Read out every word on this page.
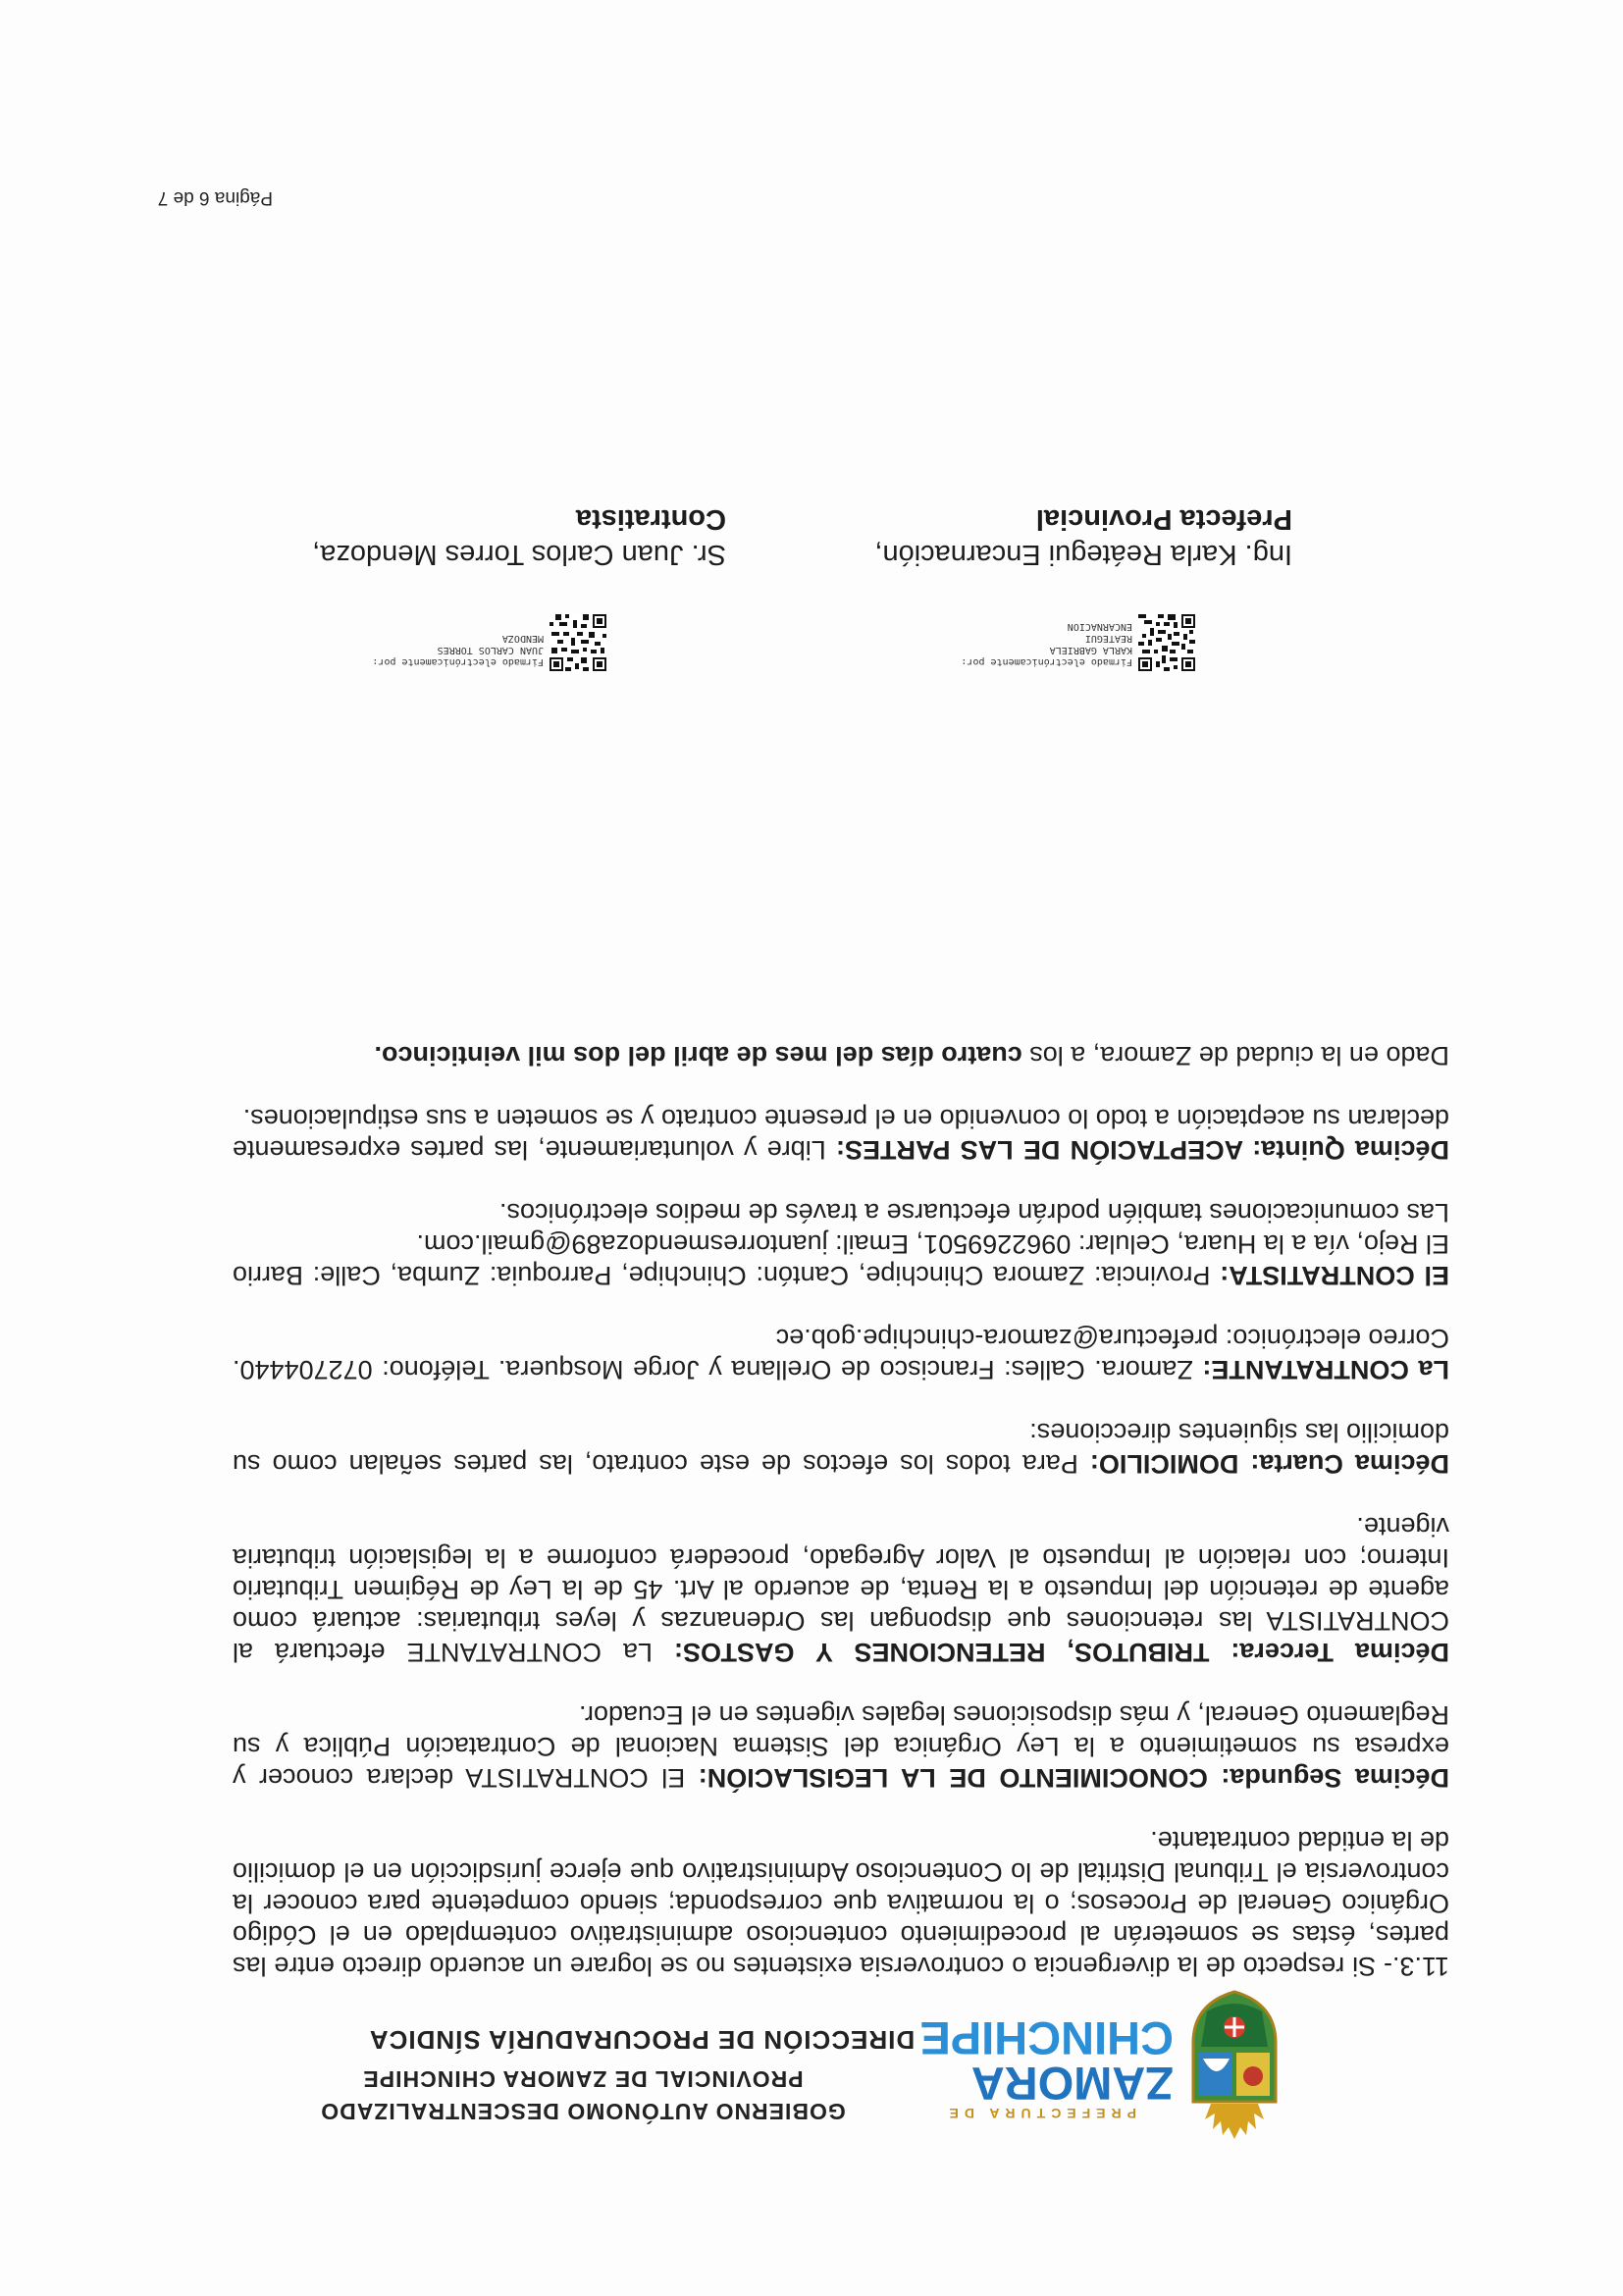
PREFECTURA DE
ZAMORA
CHINCHIPE
GOBIERNO AUTÓNOMO DESCENTRALIZADO
PROVINCIAL DE ZAMORA CHINCHIPE
DIRECCIÓN DE PROCURADURÍA SÍNDICA

11.3.- Si respecto de la divergencia o controversia existentes no se lograre un acuerdo directo entre las partes, éstas se someterán al procedimiento contencioso administrativo contemplado en el Código Orgánico General de Procesos; o la normativa que corresponda; siendo competente para conocer la controversia el Tribunal Distrital de lo Contencioso Administrativo que ejerce jurisdicción en el domicilio de la entidad contratante.

Décima Segunda: CONOCIMIENTO DE LA LEGISLACIÓN: El CONTRATISTA declara conocer y expresa su sometimiento a la Ley Orgánica del Sistema Nacional de Contratación Pública y su Reglamento General, y más disposiciones legales vigentes en el Ecuador.

Décima Tercera: TRIBUTOS, RETENCIONES Y GASTOS: La CONTRATANTE efectuará al CONTRATISTA las retenciones que dispongan las Ordenanzas y leyes tributarias: actuará como agente de retención del Impuesto a la Renta, de acuerdo al Art. 45 de la Ley de Régimen Tributario Interno; con relación al Impuesto al Valor Agregado, procederá conforme a la legislación tributaria vigente.

Décima Cuarta: DOMICILIO: Para todos los efectos de este contrato, las partes señalan como su domicilio las siguientes direcciones:

La CONTRATANTE: Zamora. Calles: Francisco de Orellana y Jorge Mosquera. Teléfono: 072704440. Correo electrónico: prefectura@zamora-chinchipe.gob.ec

El CONTRATISTA: Provincia: Zamora Chinchipe, Cantón: Chinchipe, Parroquia: Zumba, Calle: Barrio El Rejo, vía a la Huara, Celular: 0962269501, Email: juantorresmendoza89@gmail.com.

Las comunicaciones también podrán efectuarse a través de medios electrónicos.

Décima Quinta: ACEPTACIÓN DE LAS PARTES: Libre y voluntariamente, las partes expresamente declaran su aceptación a todo lo convenido en el presente contrato y se someten a sus estipulaciones.

Dado en la ciudad de Zamora, a los cuatro días del mes de abril del dos mil veinticinco.

Firmado electrónicamente por:
KARLA GABRIELA
REATEGUI
ENCARNACION
Ing. Karla Reátegui Encarnación,
Prefecta Provincial
Firmado electrónicamente por:
JUAN CARLOS TORRES
MENDOZA
Sr. Juan Carlos Torres Mendoza,
Contratista
Página 6 de 7
